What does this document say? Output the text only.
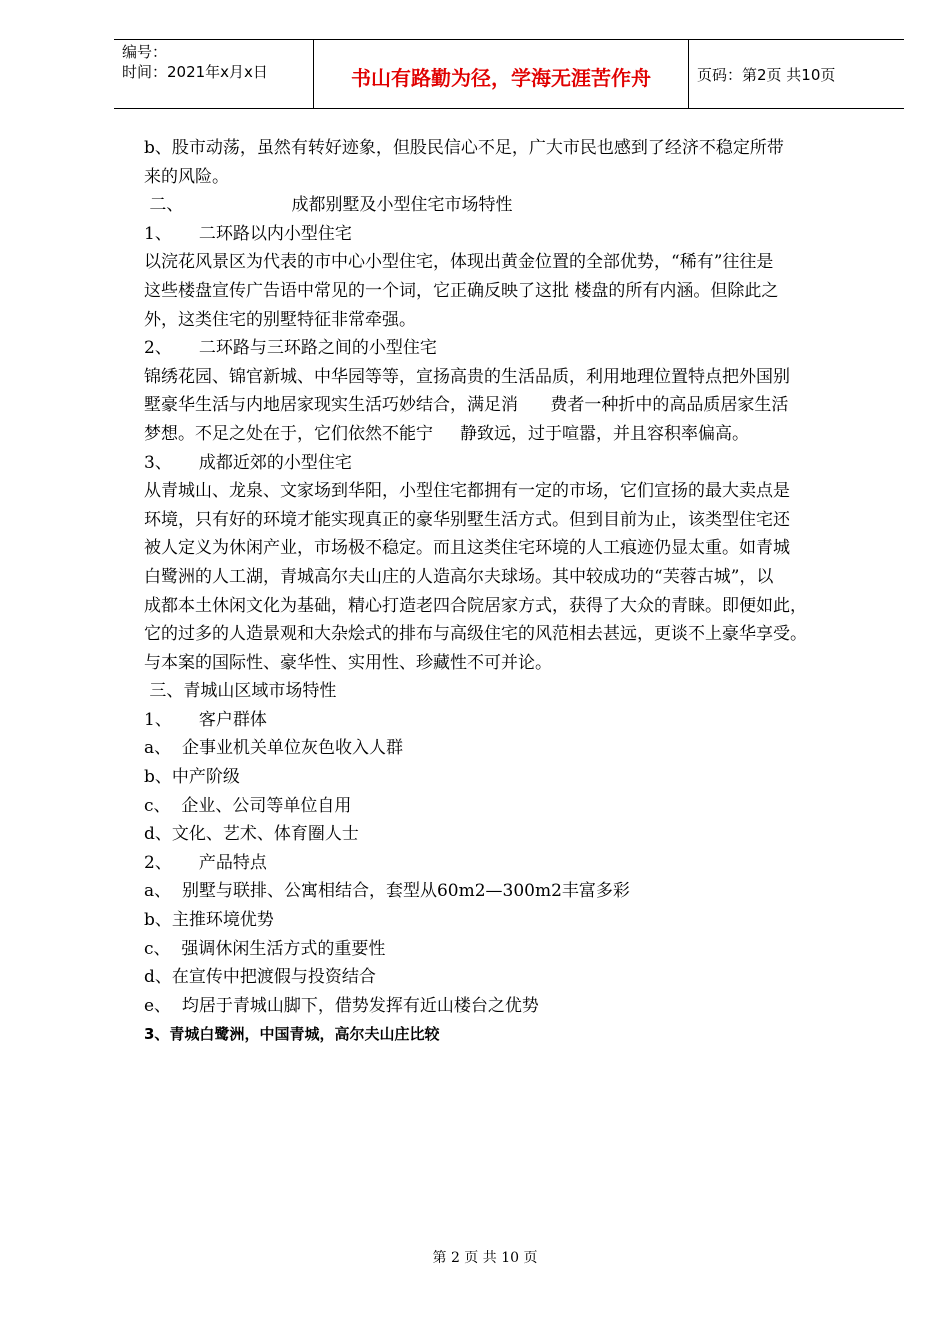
编号：
时间：2021年x月x日	书山有路勤为径，学海无涯苦作舟	页码：第2页 共10页

b、股市动荡，虽然有转好迹象，但股民信心不足，广大市民也感到了经济不稳定所带

来的风险。

二、                    成都别墅及小型住宅市场特性

1、     二环路以内小型住宅

以浣花风景区为代表的市中心小型住宅，体现出黄金位置的全部优势，“稀有”往往是

这些楼盘宣传广告语中常见的一个词，它正确反映了这批 楼盘的所有内涵。但除此之

外，这类住宅的别墅特征非常牵强。

2、     二环路与三环路之间的小型住宅

锦绣花园、锦官新城、中华园等等，宣扬高贵的生活品质，利用地理位置特点把外国别

墅豪华生活与内地居家现实生活巧妙结合，满足消      费者一种折中的高品质居家生活

梦想。不足之处在于，它们依然不能宁     静致远，过于喧嚣，并且容积率偏高。

3、     成都近郊的小型住宅

从青城山、龙泉、文家场到华阳，小型住宅都拥有一定的市场，它们宣扬的最大卖点是

环境，只有好的环境才能实现真正的豪华别墅生活方式。但到目前为止，该类型住宅还

被人定义为休闲产业，市场极不稳定。而且这类住宅环境的人工痕迹仍显太重。如青城

白鹭洲的人工湖，青城高尔夫山庄的人造高尔夫球场。其中较成功的“芙蓉古城”，以

成都本土休闲文化为基础，精心打造老四合院居家方式，获得了大众的青睐。即便如此，

它的过多的人造景观和大杂烩式的排布与高级住宅的风范相去甚远，更谈不上豪华享受。

与本案的国际性、豪华性、实用性、珍藏性不可并论。

三、青城山区域市场特性

1、     客户群体

a、  企事业机关单位灰色收入人群

b、中产阶级

c、  企业、公司等单位自用

d、文化、艺术、体育圈人士

2、     产品特点

a、  别墅与联排、公寓相结合，套型从60m2—300m2丰富多彩

b、主推环境优势

c、  强调休闲生活方式的重要性

d、在宣传中把渡假与投资结合

e、  均居于青城山脚下，借势发挥有近山楼台之优势

3、青城白鹭洲，中国青城，高尔夫山庄比较

第 2 页 共 10 页
